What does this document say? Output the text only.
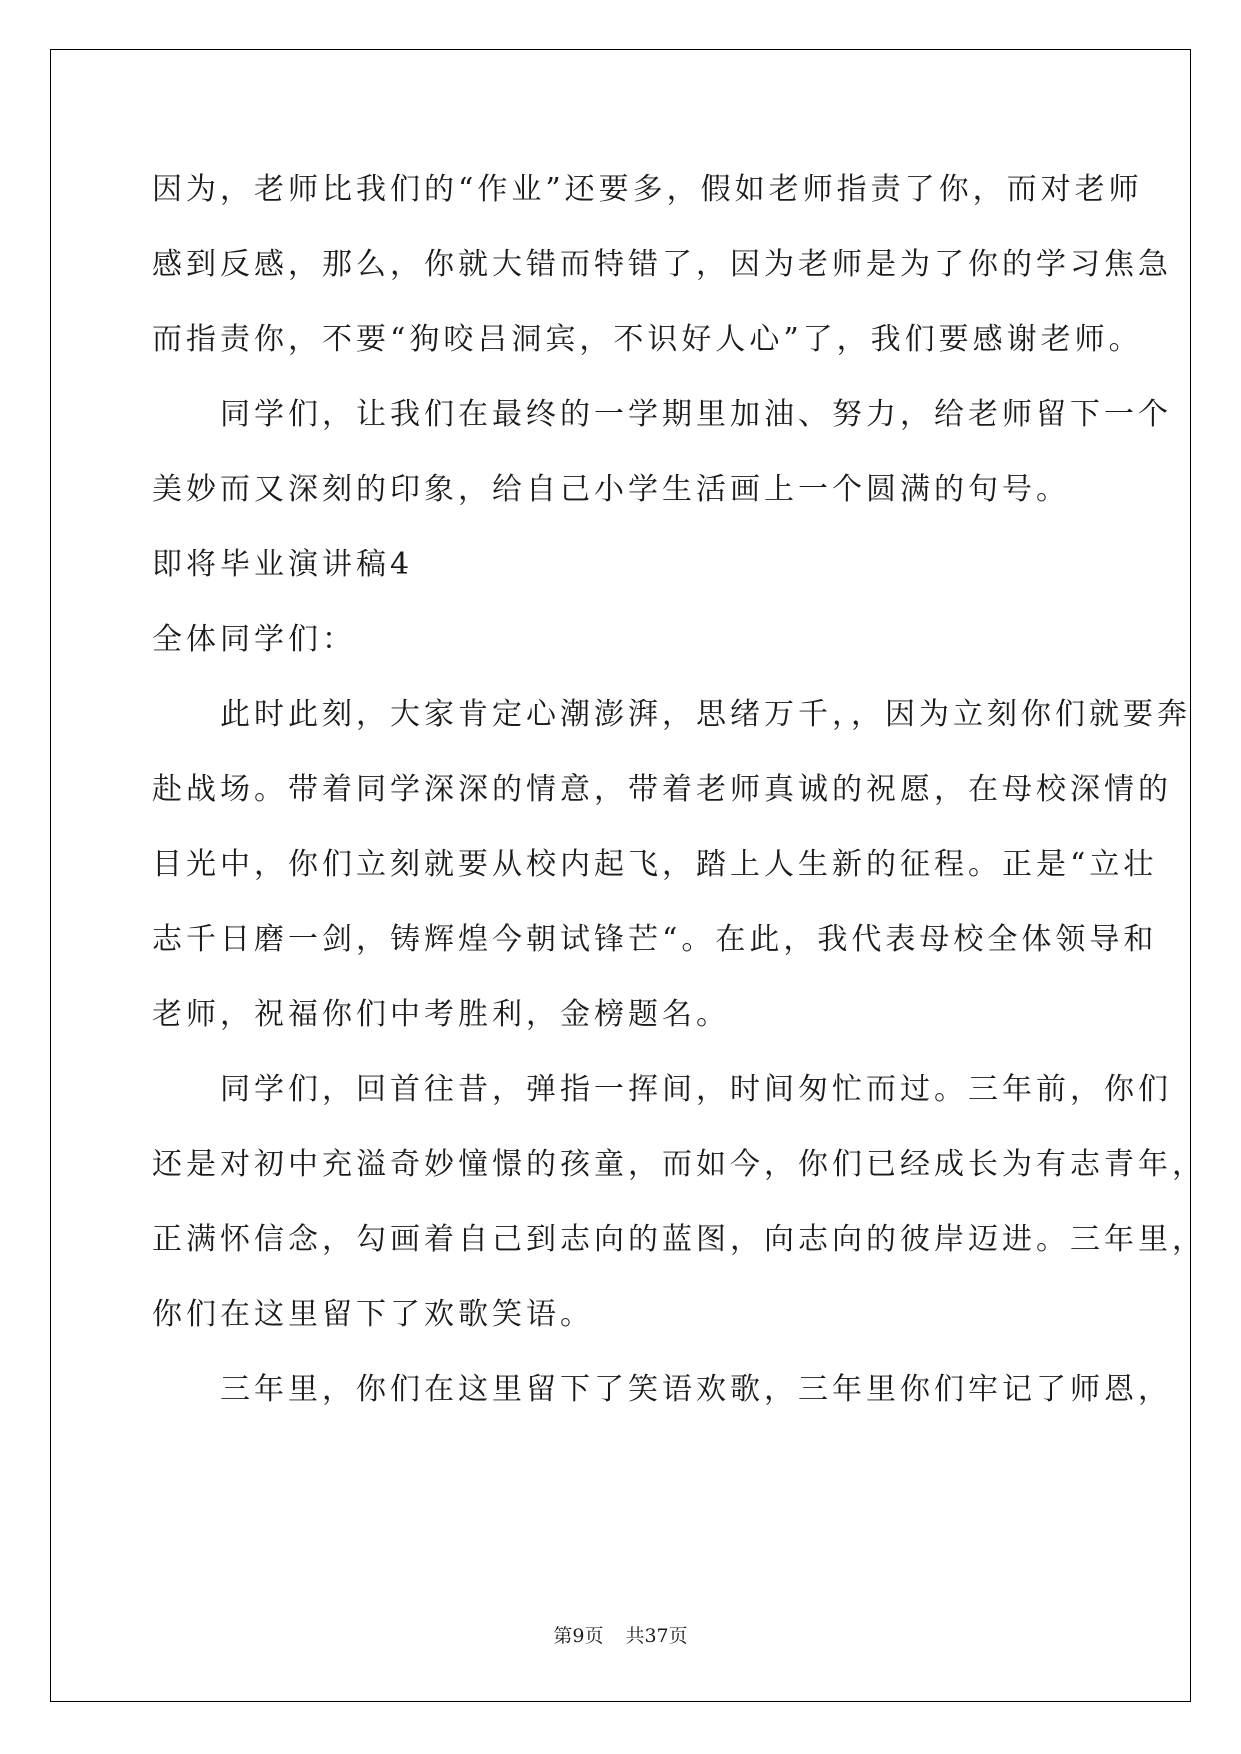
因为，老师比我们的“作业”还要多，假如老师指责了你，而对老师
感到反感，那么，你就大错而特错了，因为老师是为了你的学习焦急
而指责你，不要“狗咬吕洞宾，不识好人心”了，我们要感谢老师。
　　同学们，让我们在最终的一学期里加油、努力，给老师留下一个
美妙而又深刻的印象，给自己小学生活画上一个圆满的句号。
即将毕业演讲稿4
全体同学们：
　　此时此刻，大家肯定心潮澎湃，思绪万千，，因为立刻你们就要奔
赴战场。带着同学深深的情意，带着老师真诚的祝愿，在母校深情的
目光中，你们立刻就要从校内起飞，踏上人生新的征程。正是“立壮
志千日磨一剑，铸辉煌今朝试锋芒“。在此，我代表母校全体领导和
老师，祝福你们中考胜利，金榜题名。
　　同学们，回首往昔，弹指一挥间，时间匆忙而过。三年前，你们
还是对初中充溢奇妙憧憬的孩童，而如今，你们已经成长为有志青年，
正满怀信念，勾画着自己到志向的蓝图，向志向的彼岸迈进。三年里，
你们在这里留下了欢歌笑语。
　　三年里，你们在这里留下了笑语欢歌，三年里你们牢记了师恩，
第9页 共37页
